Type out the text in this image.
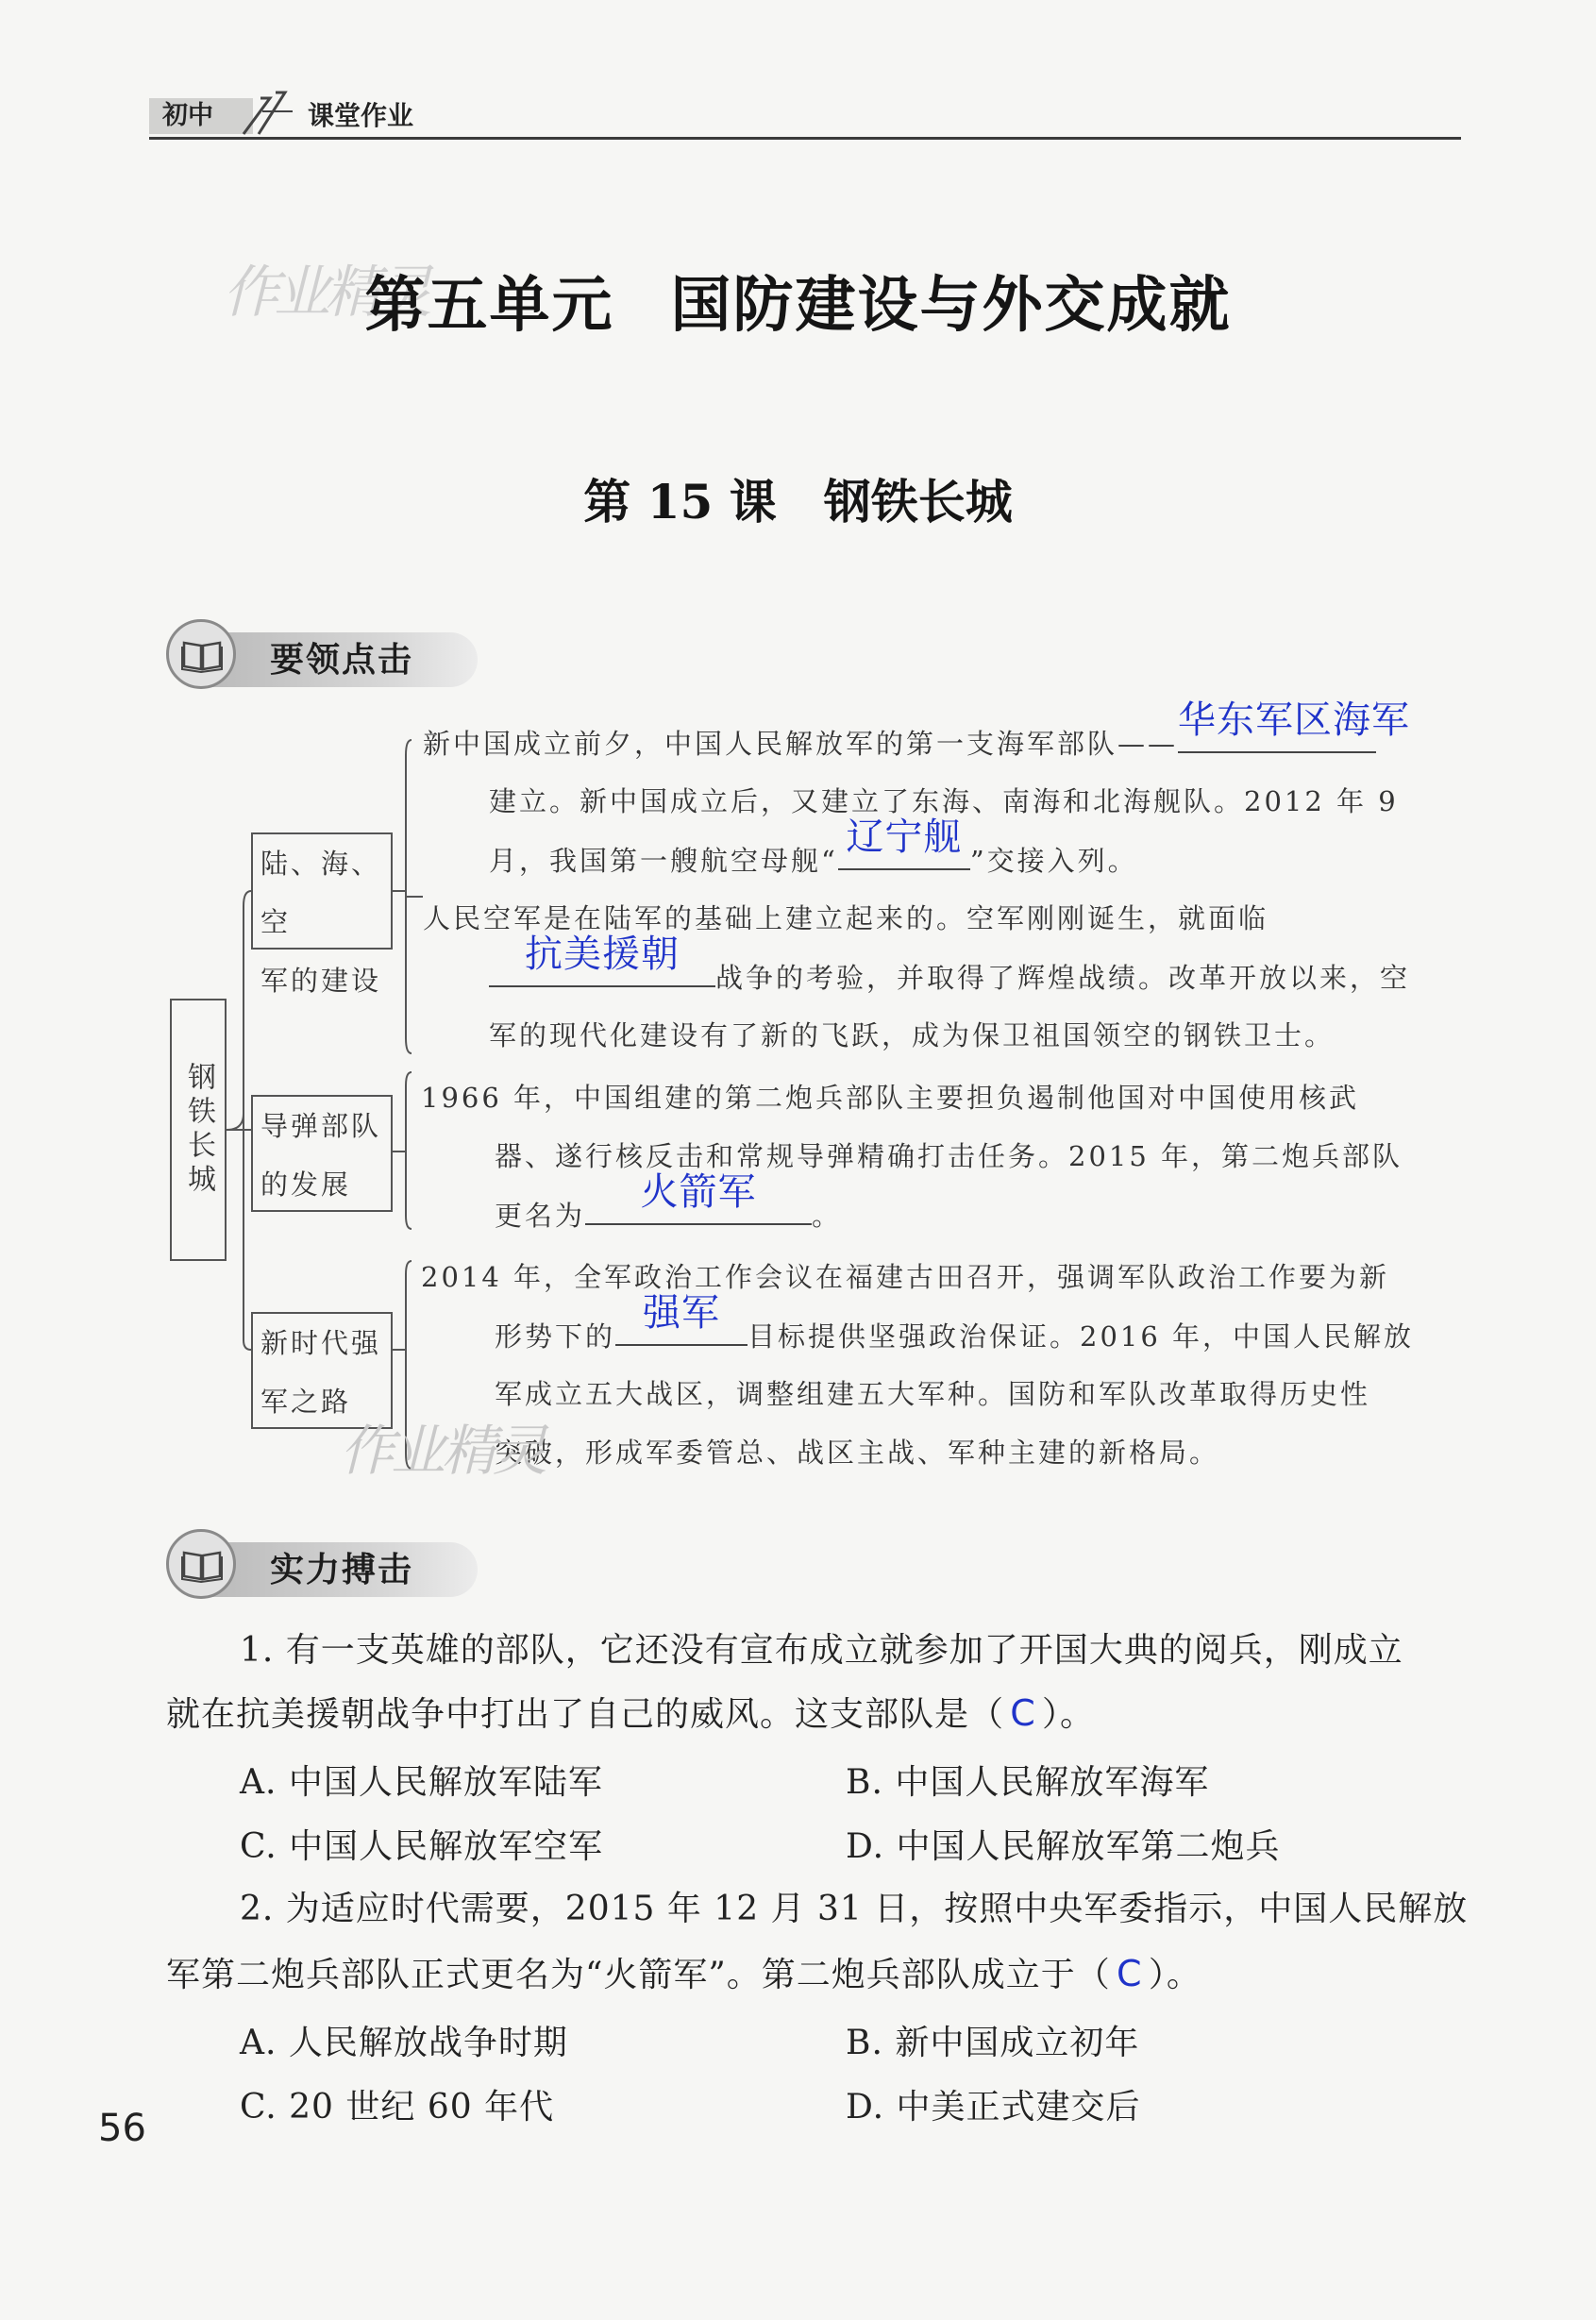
初中	课堂作业
作业精灵
第五单元 国防建设与外交成就
第 15 课 钢铁长城
要领点击
钢铁长城
陆、海、空
军的建设
导弹部队
的发展
新时代强
军之路
新中国成立前夕，中国人民解放军的第一支海军部队——
华东军区海军
建立。新中国成立后，又建立了东海、南海和北海舰队。2012 年 9
月，我国第一艘航空母舰“
辽宁舰
”交接入列。
人民空军是在陆军的基础上建立起来的。空军刚刚诞生，就面临
抗美援朝
战争的考验，并取得了辉煌战绩。改革开放以来，空
军的现代化建设有了新的飞跃，成为保卫祖国领空的钢铁卫士。
1966 年，中国组建的第二炮兵部队主要担负遏制他国对中国使用核武
器、遂行核反击和常规导弹精确打击任务。2015 年，第二炮兵部队
更名为
火箭军
。
2014 年，全军政治工作会议在福建古田召开，强调军队政治工作要为新
形势下的
强军
目标提供坚强政治保证。2016 年，中国人民解放
军成立五大战区，调整组建五大军种。国防和军队改革取得历史性
突破，形成军委管总、战区主战、军种主建的新格局。
作业精灵
实力搏击
1. 有一支英雄的部队，它还没有宣布成立就参加了开国大典的阅兵，刚成立
就在抗美援朝战争中打出了自己的威风。这支部队是（ C ）。
A. 中国人民解放军陆军	B. 中国人民解放军海军
C. 中国人民解放军空军	D. 中国人民解放军第二炮兵
2. 为适应时代需要，2015 年 12 月 31 日，按照中央军委指示，中国人民解放
军第二炮兵部队正式更名为“火箭军”。第二炮兵部队成立于（ C ）。
A. 人民解放战争时期	B. 新中国成立初年
C. 20 世纪 60 年代	D. 中美正式建交后
56
